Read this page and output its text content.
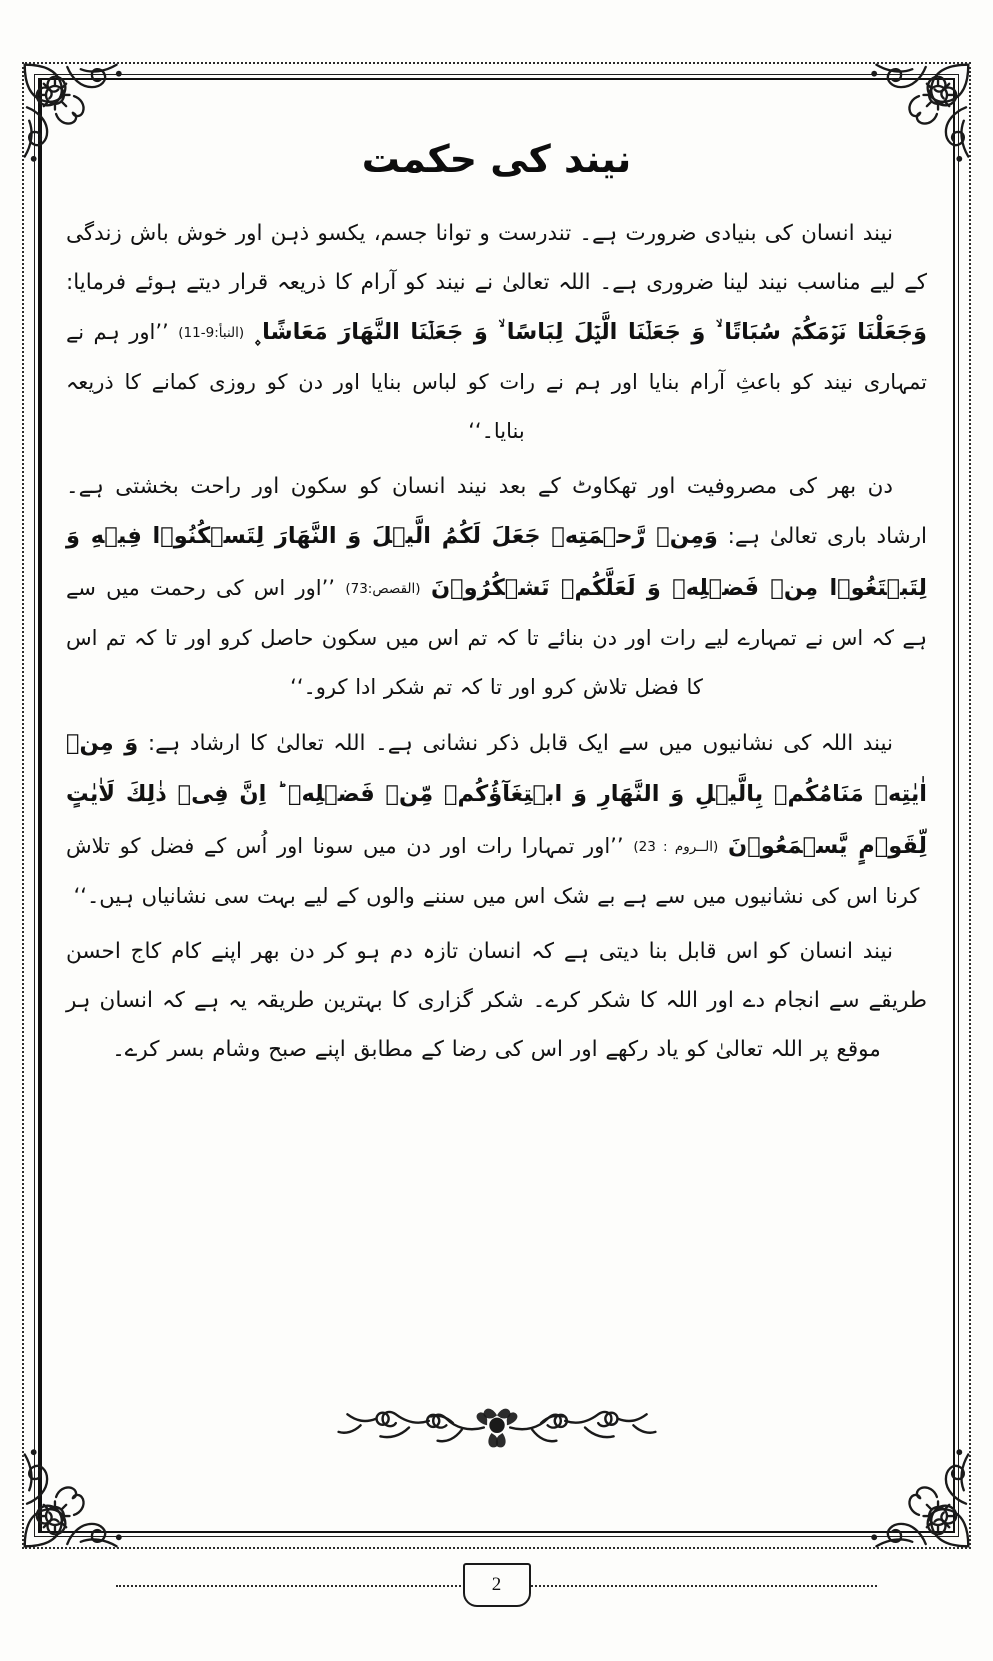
نیند کی حکمت

نیند انسان کی بنیادی ضرورت ہے۔ تندرست و توانا جسم، یکسو ذہن اور خوش باش زندگی کے لیے مناسب نیند لینا ضروری ہے۔ اللہ تعالیٰ نے نیند کو آرام کا ذریعہ قرار دیتے ہوئے فرمایا: وَجَعَلْنَا نَوۡمَكُمۡ سُبَاتًا ۙ وَ جَعَلۡنَا الَّيۡلَ لِبَاسًا ۙ وَ جَعَلۡنَا النَّهَارَ مَعَاشًا ۪ (النبأ:9-11) ’’اور ہم نے تمہاری نیند کو باعثِ آرام بنایا اور ہم نے رات کو لباس بنایا اور دن کو روزی کمانے کا ذریعہ بنایا۔‘‘

دن بھر کی مصروفیت اور تھکاوٹ کے بعد نیند انسان کو سکون اور راحت بخشتی ہے۔ ارشاد باری تعالیٰ ہے: وَمِنۡ رَّحۡمَتِهٖ جَعَلَ لَكُمُ الَّيۡلَ وَ النَّهَارَ لِتَسۡكُنُوۡا فِيۡهِ وَ لِتَبۡتَغُوۡا مِنۡ فَضۡلِهٖ وَ لَعَلَّكُمۡ تَشۡكُرُوۡنَ (القصص:73) ’’اور اس کی رحمت میں سے ہے کہ اس نے تمہارے لیے رات اور دن بنائے تا کہ تم اس میں سکون حاصل کرو اور تا کہ تم اس کا فضل تلاش کرو اور تا کہ تم شکر ادا کرو۔‘‘

نیند اللہ کی نشانیوں میں سے ایک قابل ذکر نشانی ہے۔ اللہ تعالیٰ کا ارشاد ہے: وَ مِنۡ اٰيٰتِهٖ مَنَامُكُمۡ بِالَّيۡلِ وَ النَّهَارِ وَ ابۡتِغَآؤُكُمۡ مِّنۡ فَضۡلِهٖ ؕ اِنَّ فِىۡ ذٰلِكَ لَاٰيٰتٍ لِّقَوۡمٍ يَّسۡمَعُوۡنَ (الــروم : 23) ’’اور تمہارا رات اور دن میں سونا اور اُس کے فضل کو تلاش کرنا اس کی نشانیوں میں سے ہے بے شک اس میں سننے والوں کے لیے بہت سی نشانیاں ہیں۔‘‘

نیند انسان کو اس قابل بنا دیتی ہے کہ انسان تازہ دم ہو کر دن بھر اپنے کام کاج احسن طریقے سے انجام دے اور اللہ کا شکر کرے۔ شکر گزاری کا بہترین طریقہ یہ ہے کہ انسان ہر موقع پر اللہ تعالیٰ کو یاد رکھے اور اس کی رضا کے مطابق اپنے صبح وشام بسر کرے۔

2
